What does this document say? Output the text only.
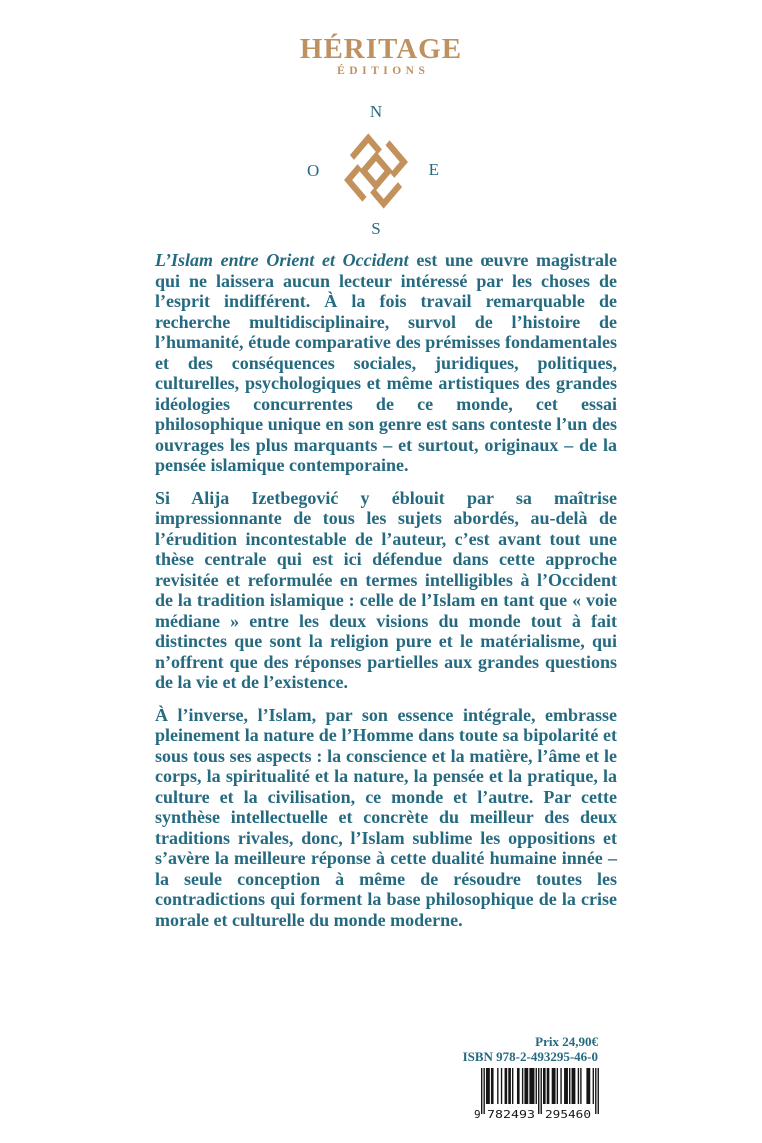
HÉRITAGE
ÉDITIONS
N
O	E
S

L’Islam entre Orient et Occident est une œuvre magistrale qui ne laissera aucun lecteur intéressé par les choses de l’esprit indifférent. À la fois travail remarquable de recherche multidisciplinaire, survol de l’histoire de l’humanité, étude comparative des prémisses fondamentales et des conséquences sociales, juridiques, politiques, culturelles, psychologiques et même artistiques des grandes idéologies concurrentes de ce monde, cet essai philosophique unique en son genre est sans conteste l’un des ouvrages les plus marquants – et surtout, originaux – de la pensée islamique contemporaine.

Si Alija Izetbegović y éblouit par sa maîtrise impressionnante de tous les sujets abordés, au-delà de l’érudition incontestable de l’auteur, c’est avant tout une thèse centrale qui est ici défendue dans cette approche revisitée et reformulée en termes intelligibles à l’Occident de la tradition islamique : celle de l’Islam en tant que « voie médiane » entre les deux visions du monde tout à fait distinctes que sont la religion pure et le matérialisme, qui n’offrent que des réponses partielles aux grandes questions de la vie et de l’existence.

À l’inverse, l’Islam, par son essence intégrale, embrasse pleinement la nature de l’Homme dans toute sa bipolarité et sous tous ses aspects : la conscience et la matière, l’âme et le corps, la spiritualité et la nature, la pensée et la pratique, la culture et la civilisation, ce monde et l’autre. Par cette synthèse intellectuelle et concrète du meilleur des deux traditions rivales, donc, l’Islam sublime les oppositions et s’avère la meilleure réponse à cette dualité humaine innée – la seule conception à même de résoudre toutes les contradictions qui forment la base philosophique de la crise morale et culturelle du monde moderne.

Prix 24,90€
ISBN 978-2-493295-46-0
9 782493 295460
